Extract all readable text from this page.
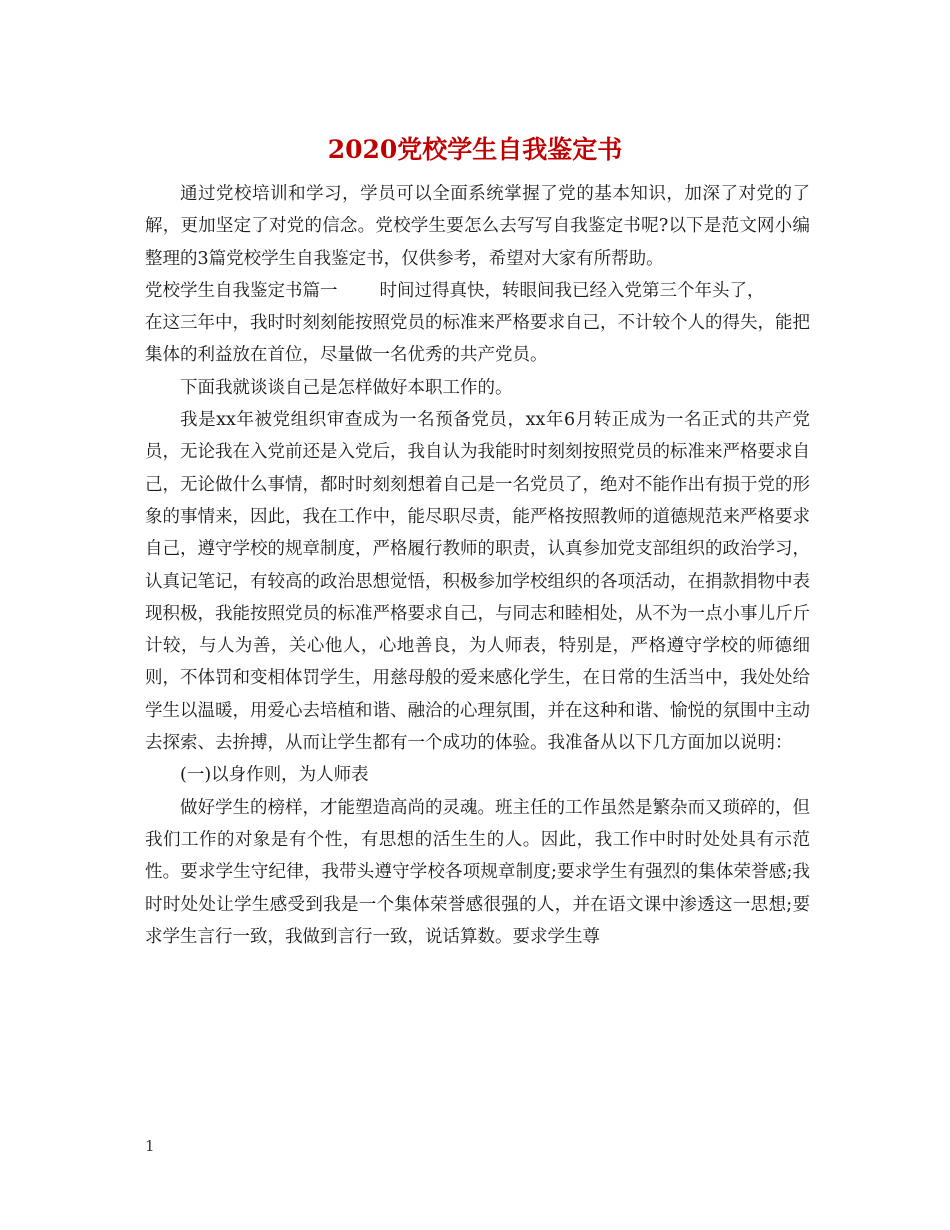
2020党校学生自我鉴定书

通过党校培训和学习，学员可以全面系统掌握了党的基本知识，加深了对党的了解，更加坚定了对党的信念。党校学生要怎么去写写自我鉴定书呢?以下是范文网小编整理的3篇党校学生自我鉴定书，仅供参考，希望对大家有所帮助。

党校学生自我鉴定书篇一 时间过得真快，转眼间我已经入党第三个年头了，

在这三年中，我时时刻刻能按照党员的标准来严格要求自己，不计较个人的得失，能把集体的利益放在首位，尽量做一名优秀的共产党员。

下面我就谈谈自己是怎样做好本职工作的。

我是xx年被党组织审查成为一名预备党员，xx年6月转正成为一名正式的共产党员，无论我在入党前还是入党后，我自认为我能时时刻刻按照党员的标准来严格要求自己，无论做什么事情，都时时刻刻想着自己是一名党员了，绝对不能作出有损于党的形象的事情来，因此，我在工作中，能尽职尽责，能严格按照教师的道德规范来严格要求自己，遵守学校的规章制度，严格履行教师的职责，认真参加党支部组织的政治学习，认真记笔记，有较高的政治思想觉悟，积极参加学校组织的各项活动，在捐款捐物中表现积极，我能按照党员的标准严格要求自己，与同志和睦相处，从不为一点小事儿斤斤计较，与人为善，关心他人，心地善良，为人师表，特别是，严格遵守学校的师德细则，不体罚和变相体罚学生，用慈母般的爱来感化学生，在日常的生活当中，我处处给学生以温暖，用爱心去培植和谐、融洽的心理氛围，并在这种和谐、愉悦的氛围中主动去探索、去拚搏，从而让学生都有一个成功的体验。我准备从以下几方面加以说明：

(一)以身作则，为人师表

做好学生的榜样，才能塑造高尚的灵魂。班主任的工作虽然是繁杂而又琐碎的，但我们工作的对象是有个性，有思想的活生生的人。因此，我工作中时时处处具有示范性。要求学生守纪律，我带头遵守学校各项规章制度;要求学生有强烈的集体荣誉感;我时时处处让学生感受到我是一个集体荣誉感很强的人，并在语文课中渗透这一思想;要求学生言行一致，我做到言行一致，说话算数。要求学生尊

1
